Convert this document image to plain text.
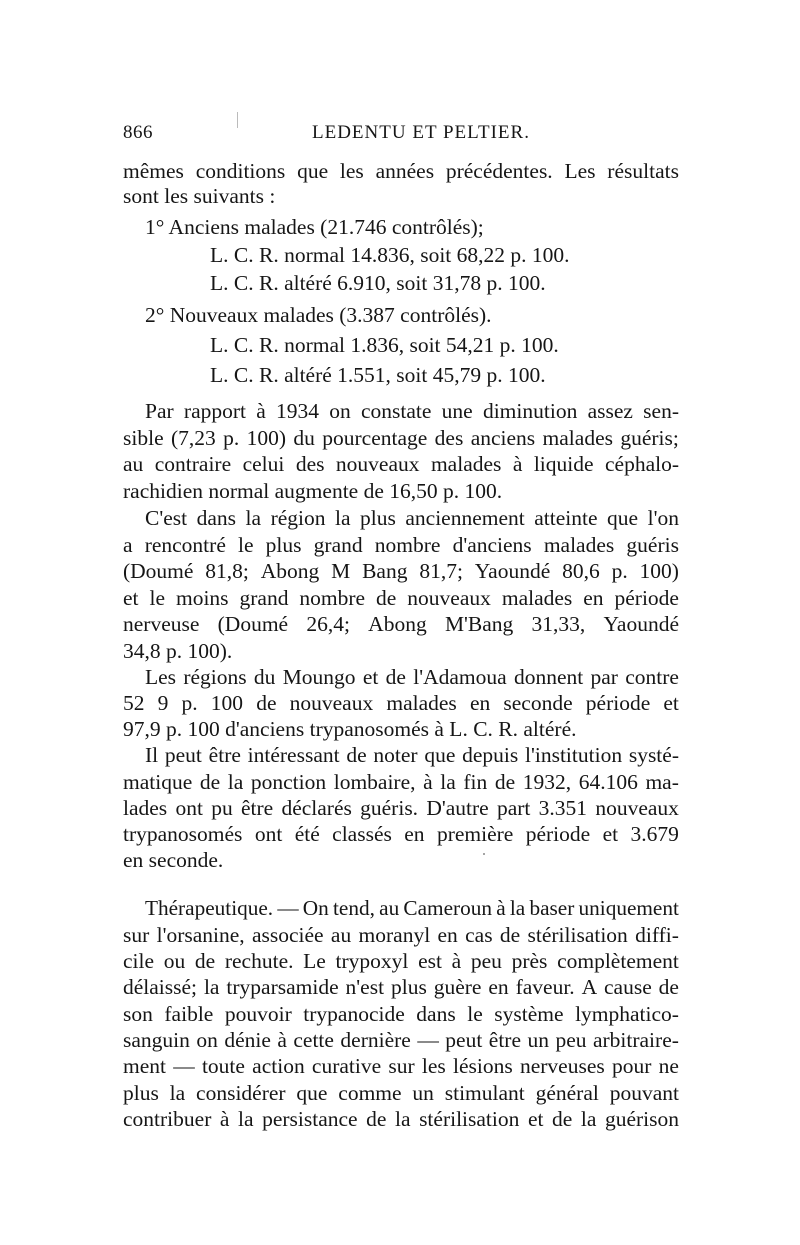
866	LEDENTU ET PELTIER.
mêmes conditions que les années précédentes. Les résultats
sont les suivants :
1° Anciens malades (21.746 contrôlés);
L. C. R. normal 14.836, soit 68,22 p. 100.
L. C. R. altéré 6.910, soit 31,78 p. 100.
2° Nouveaux malades (3.387 contrôlés).
L. C. R. normal 1.836, soit 54,21 p. 100.
L. C. R. altéré 1.551, soit 45,79 p. 100.
Par rapport à 1934 on constate une diminution assez sen-
sible (7,23 p. 100) du pourcentage des anciens malades guéris;
au contraire celui des nouveaux malades à liquide céphalo-
rachidien normal augmente de 16,50 p. 100.
C'est dans la région la plus anciennement atteinte que l'on
a rencontré le plus grand nombre d'anciens malades guéris
(Doumé 81,8; Abong M Bang 81,7; Yaoundé 80,6 p. 100)
et le moins grand nombre de nouveaux malades en période
nerveuse (Doumé 26,4; Abong M'Bang 31,33, Yaoundé
34,8 p. 100).
Les régions du Moungo et de l'Adamoua donnent par contre
52 9 p. 100 de nouveaux malades en seconde période et
97,9 p. 100 d'anciens trypanosomés à L. C. R. altéré.
Il peut être intéressant de noter que depuis l'institution systé-
matique de la ponction lombaire, à la fin de 1932, 64.106 ma-
lades ont pu être déclarés guéris. D'autre part 3.351 nouveaux
trypanosomés ont été classés en première période et 3.679
en seconde.
Thérapeutique. — On tend, au Cameroun à la baser uniquement
sur l'orsanine, associée au moranyl en cas de stérilisation diffi-
cile ou de rechute. Le trypoxyl est à peu près complètement
délaissé; la tryparsamide n'est plus guère en faveur. A cause de
son faible pouvoir trypanocide dans le système lymphatico-
sanguin on dénie à cette dernière — peut être un peu arbitraire-
ment — toute action curative sur les lésions nerveuses pour ne
plus la considérer que comme un stimulant général pouvant
contribuer à la persistance de la stérilisation et de la guérison
